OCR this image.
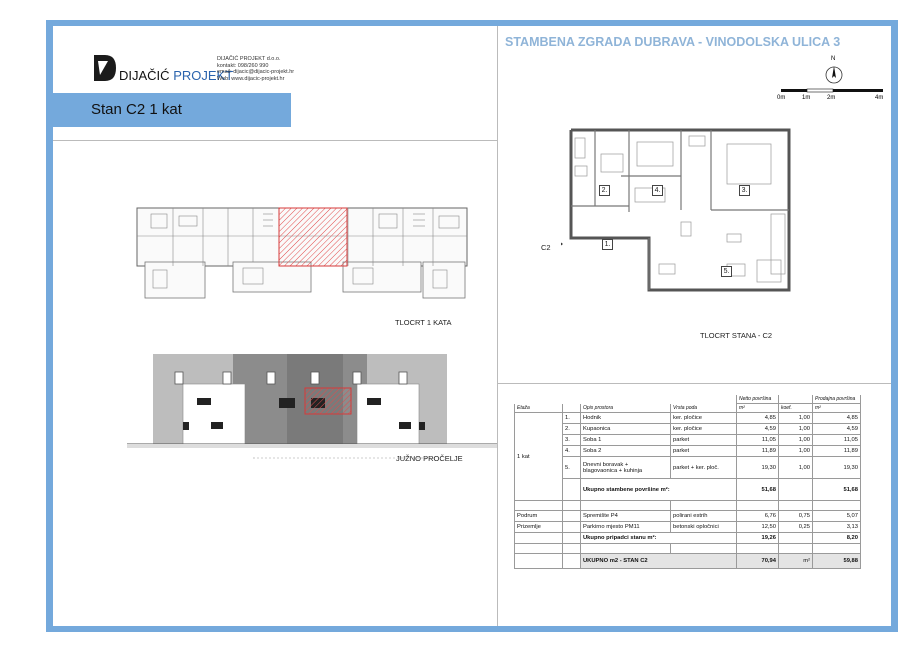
DIJAČIĆ PROJEKT
DIJAČIĆ PROJEKT d.o.o.
kontakt: 098/260 990
email: dijacic@dijacic-projekt.hr
Web: www.dijacic-projekt.hr
Stan C2 1 kat
TLOCRT 1 KATA
JUŽNO PROČELJE
STAMBENA ZGRADA DUBRAVA - VINODOLSKA ULICA 3
N
0m	1m	2m	4m
C2	1.
2.	3.
4.
5.
TLOCRT STANA - C2
				Netto površina		Prodajna površina
Etaža		Opis prostora	Vrsta poda	m²	koef.	m²
1 kat	1.	Hodnik	ker. pločice	4,85	1,00	4,85
	2.	Kupaonica	ker. pločice	4,59	1,00	4,59
	3.	Soba 1	parket	11,05	1,00	11,05
	4.	Soba 2	parket	11,89	1,00	11,89
	5.	Dnevni boravak +
blagovaonica + kuhinja	parket + ker. ploč.	19,30	1,00	19,30
		Ukupno stambene površine m²:		51,68		51,68

Podrum		Spremište P4	polirani estrih	6,76	0,75	5,07
Prizemlje		Parkirno mjesto PM11	betonski opločnici	12,50	0,25	3,13
		Ukupno pripadci stanu m²:		19,26		8,20

		UKUPNO m2 - STAN C2		70,94	m²	59,88
